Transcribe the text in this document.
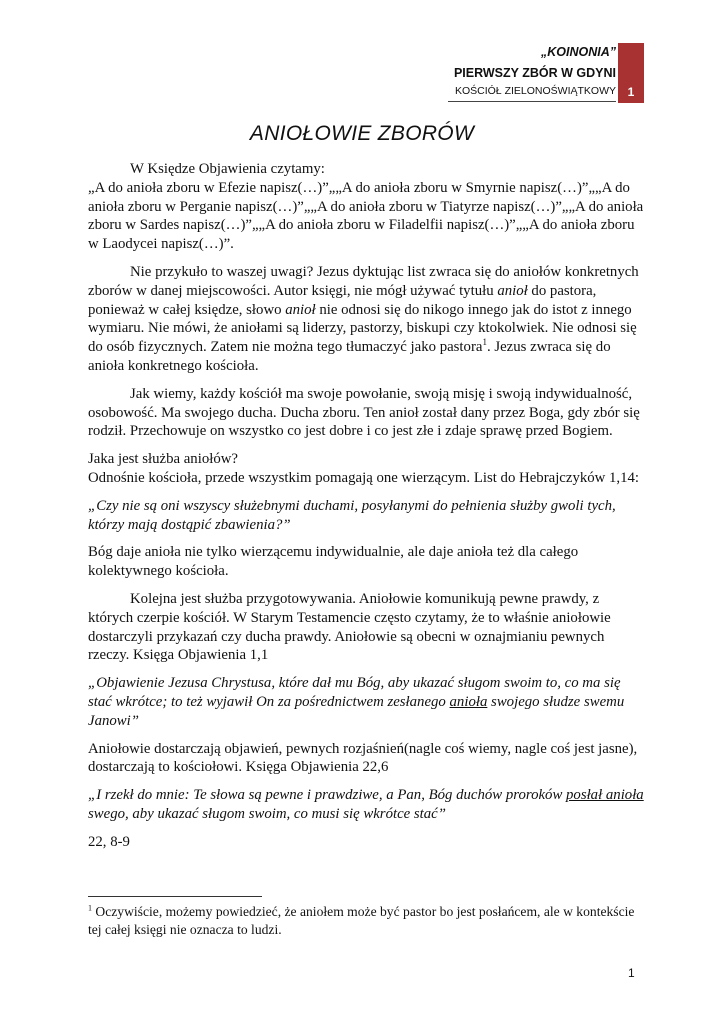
„KOINONIA”
PIERWSZY ZBÓR W GDYNI
KOŚCIÓŁ ZIELONOŚWIĄTKOWY 1
ANIOŁOWIE ZBORÓW

W Księdze Objawienia czytamy:

„A do anioła zboru w Efezie napisz(…)”„„A do anioła zboru w Smyrnie napisz(…)”„„A do anioła zboru w Perganie napisz(…)”„„A do anioła zboru w Tiatyrze napisz(…)”„„A do anioła zboru w Sardes napisz(…)”„„A do anioła zboru w Filadelfii napisz(…)”„„A do anioła zboru w Laodycei napisz(…)”.

Nie przykuło to waszej uwagi? Jezus dyktując list zwraca się do aniołów konkretnych zborów w danej miejscowości. Autor księgi, nie mógł używać tytułu anioł do pastora, ponieważ w całej księdze, słowo anioł nie odnosi się do nikogo innego jak do istot z innego wymiaru. Nie mówi, że aniołami są liderzy, pastorzy, biskupi czy ktokolwiek. Nie odnosi się do osób fizycznych. Zatem nie można tego tłumaczyć jako pastora$^1$. Jezus zwraca się do anioła konkretnego kościoła.

Jak wiemy, każdy kościół ma swoje powołanie, swoją misję i swoją indywidualność, osobowość. Ma swojego ducha. Ducha zboru. Ten anioł został dany przez Boga, gdy zbór się rodził. Przechowuje on wszystko co jest dobre i co jest złe i zdaje sprawę przed Bogiem.

Jaka jest służba aniołów?
Odnośnie kościoła, przede wszystkim pomagają one wierzącym. List do Hebrajczyków 1,14:

„Czy nie są oni wszyscy służebnymi duchami, posyłanymi do pełnienia służby gwoli tych, którzy mają dostąpić zbawienia?”

Bóg daje anioła nie tylko wierzącemu indywidualnie, ale daje anioła też dla całego kolektywnego kościoła.

Kolejna jest służba przygotowywania. Aniołowie komunikują pewne prawdy, z których czerpie kościół. W Starym Testamencie często czytamy, że to właśnie aniołowie dostarczyli przykazań czy ducha prawdy. Aniołowie są obecni w oznajmianiu pewnych rzeczy. Księga Objawienia 1,1

„Objawienie Jezusa Chrystusa, które dał mu Bóg, aby ukazać sługom swoim to, co ma się stać wkrótce; to też wyjawił On za pośrednictwem zesłanego anioła swojego słudze swemu Janowi”

Aniołowie dostarczają objawień, pewnych rozjaśnień(nagle coś wiemy, nagle coś jest jasne), dostarczają to kościołowi. Księga Objawienia 22,6

„I rzekł do mnie: Te słowa są pewne i prawdziwe, a Pan, Bóg duchów proroków posłał anioła swego, aby ukazać sługom swoim, co musi się wkrótce stać”

22, 8-9

$^1$ Oczywiście, możemy powiedzieć, że aniołem może być pastor bo jest posłańcem, ale w kontekście tej całej księgi nie oznacza to ludzi.
1
